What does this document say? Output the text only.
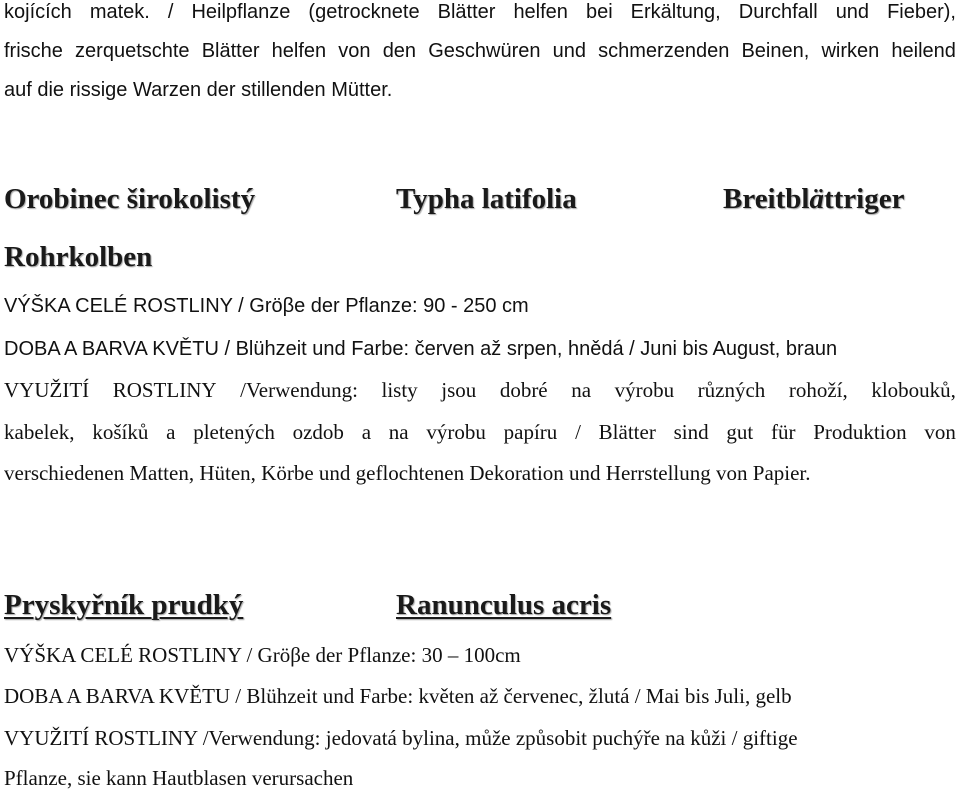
kojících matek. / Heilpflanze (getrocknete Blätter helfen bei Erkältung, Durchfall und Fieber),
frische zerquetschte Blätter helfen von den Geschwüren und schmerzenden Beinen, wirken heilend
auf die rissige Warzen der stillenden Mütter.
Orobinec širokolistý	Typha latifolia	Breitblättriger
Rohrkolben
VÝŠKA CELÉ ROSTLINY / Gröβe der Pflanze: 90 - 250 cm
DOBA A BARVA KVĚTU / Blühzeit und Farbe: červen až srpen, hnědá / Juni bis August, braun
VYUŽITÍ ROSTLINY /Verwendung: listy jsou dobré na výrobu různých rohoží, klobouků,
kabelek, košíků a pletených ozdob a na výrobu papíru / Blätter sind gut für Produktion von
verschiedenen Matten, Hüten, Körbe und geflochtenen Dekoration und Herrstellung von Papier.
Pryskyřník prudký	Ranunculus acris
VÝŠKA CELÉ ROSTLINY / Gröβe der Pflanze: 30 – 100cm
DOBA A BARVA KVĚTU / Blühzeit und Farbe: květen až červenec, žlutá / Mai bis Juli, gelb
VYUŽITÍ ROSTLINY /Verwendung: jedovatá bylina, může způsobit puchýře na kůži / giftige
Pflanze, sie kann Hautblasen verursachen
